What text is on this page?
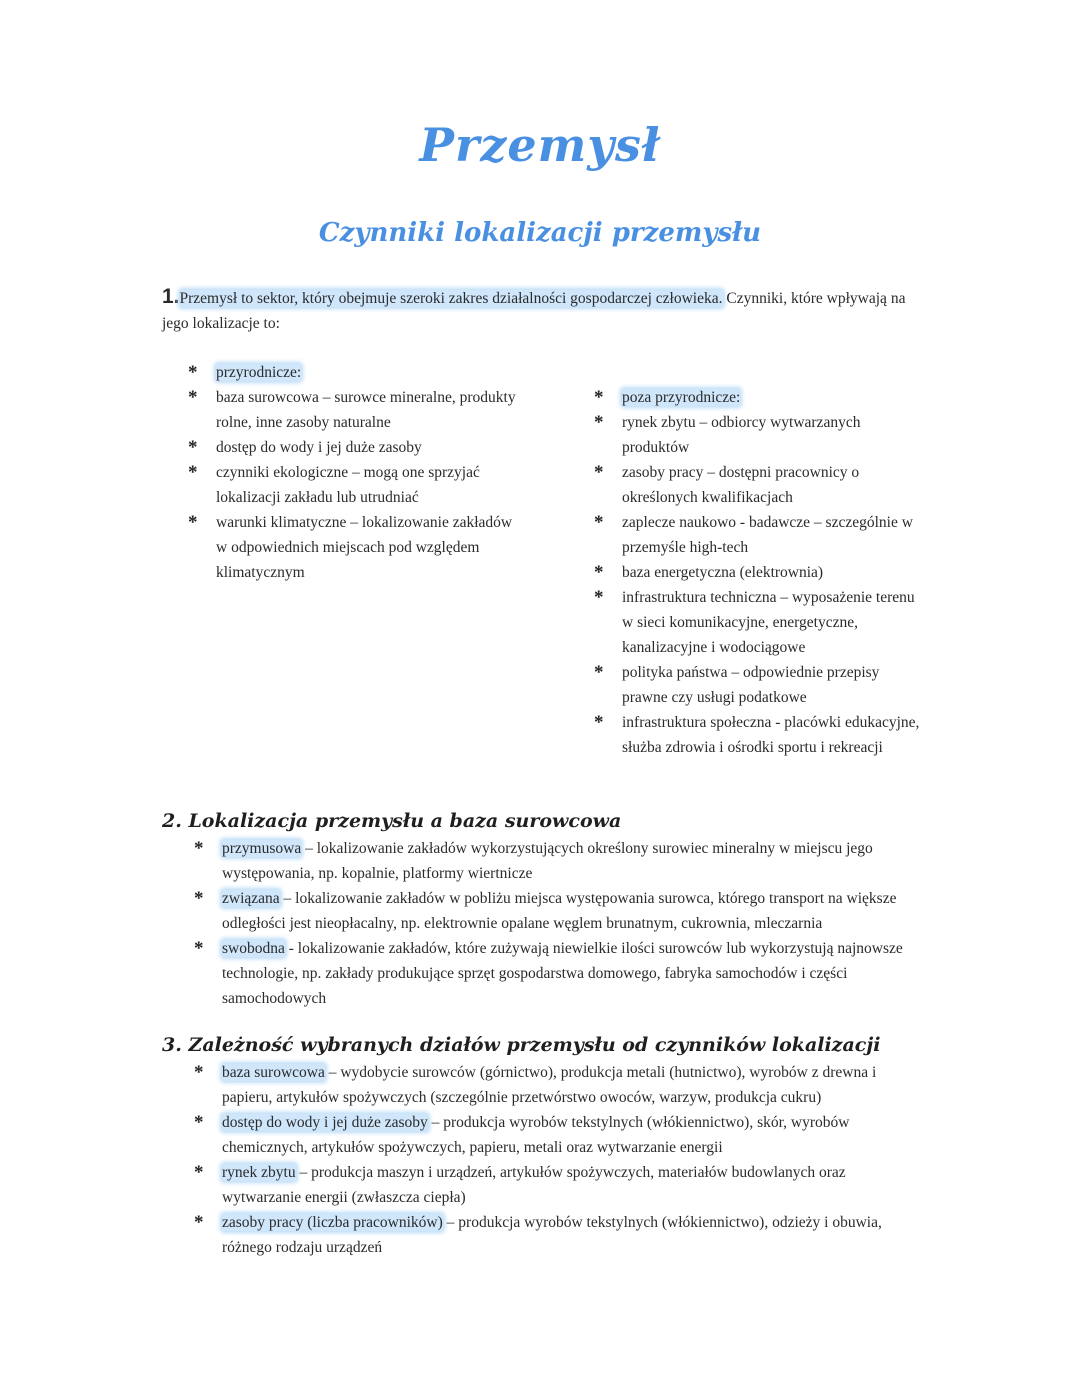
Przemysł
Czynniki lokalizacji przemysłu
1.Przemysł to sektor, który obejmuje szeroki zakres działalności gospodarczej człowieka. Czynniki, które wpływają na jego lokalizacje to:
* przyrodnicze:
* baza surowcowa – surowce mineralne, produkty rolne, inne zasoby naturalne
* dostęp do wody i jej duże zasoby
* czynniki ekologiczne – mogą one sprzyjać lokalizacji zakładu lub utrudniać
* warunki klimatyczne – lokalizowanie zakładów w odpowiednich miejscach pod względem klimatycznym
* poza przyrodnicze:
* rynek zbytu – odbiorcy wytwarzanych produktów
* zasoby pracy – dostępni pracownicy o określonych kwalifikacjach
* zaplecze naukowo - badawcze – szczególnie w przemyśle high-tech
* baza energetyczna (elektrownia)
* infrastruktura techniczna – wyposażenie terenu w sieci komunikacyjne, energetyczne, kanalizacyjne i wodociągowe
* polityka państwa – odpowiednie przepisy prawne czy usługi podatkowe
* infrastruktura społeczna - placówki edukacyjne, służba zdrowia i ośrodki sportu i rekreacji
2. Lokalizacja przemysłu a baza surowcowa
* przymusowa – lokalizowanie zakładów wykorzystujących określony surowiec mineralny w miejscu jego występowania, np. kopalnie, platformy wiertnicze
* związana – lokalizowanie zakładów w pobliżu miejsca występowania surowca, którego transport na większe odległości jest nieopłacalny, np. elektrownie opalane węglem brunatnym, cukrownia, mleczarnia
* swobodna - lokalizowanie zakładów, które zużywają niewielkie ilości surowców lub wykorzystują najnowsze technologie, np. zakłady produkujące sprzęt gospodarstwa domowego, fabryka samochodów i części samochodowych
3. Zależność wybranych działów przemysłu od czynników lokalizacji
* baza surowcowa – wydobycie surowców (górnictwo), produkcja metali (hutnictwo), wyrobów z drewna i papieru, artykułów spożywczych (szczególnie przetwórstwo owoców, warzyw, produkcja cukru)
* dostęp do wody i jej duże zasoby – produkcja wyrobów tekstylnych (włókiennictwo), skór, wyrobów chemicznych, artykułów spożywczych, papieru, metali oraz wytwarzanie energii
* rynek zbytu – produkcja maszyn i urządzeń, artykułów spożywczych, materiałów budowlanych oraz wytwarzanie energii (zwłaszcza ciepła)
* zasoby pracy (liczba pracowników) – produkcja wyrobów tekstylnych (włókiennictwo), odzieży i obuwia, różnego rodzaju urządzeń
